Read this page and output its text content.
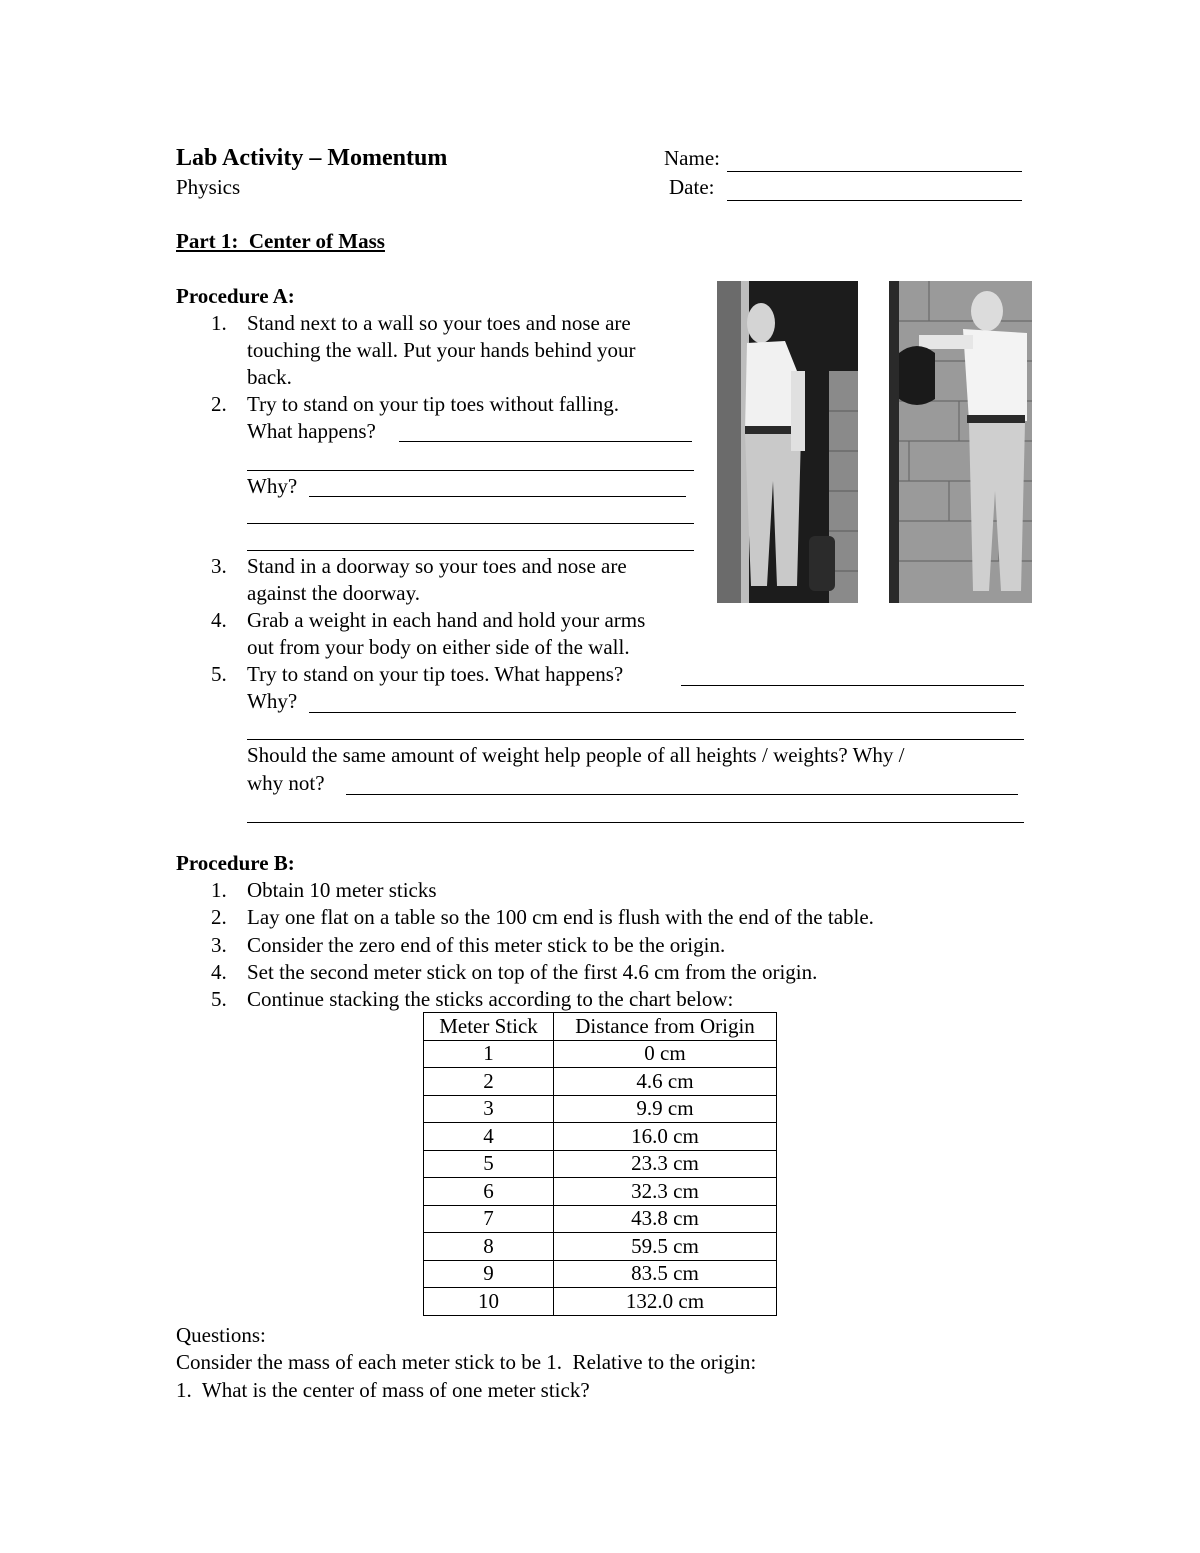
Lab Activity – Momentum
Physics
Name:
Date:
Part 1:  Center of Mass
Procedure A:
1. Stand next to a wall so your toes and nose are
touching the wall. Put your hands behind your
back.
2. Try to stand on your tip toes without falling.
What happens?
Why?
3. Stand in a doorway so your toes and nose are
against the doorway.
4. Grab a weight in each hand and hold your arms
out from your body on either side of the wall.
5. Try to stand on your tip toes. What happens?
Why?
Should the same amount of weight help people of all heights / weights? Why /
why not?
Procedure B:
1. Obtain 10 meter sticks
2. Lay one flat on a table so the 100 cm end is flush with the end of the table.
3. Consider the zero end of this meter stick to be the origin.
4. Set the second meter stick on top of the first 4.6 cm from the origin.
5. Continue stacking the sticks according to the chart below:
Meter Stick	Distance from Origin
1	0 cm
2	4.6 cm
3	9.9 cm
4	16.0 cm
5	23.3 cm
6	32.3 cm
7	43.8 cm
8	59.5 cm
9	83.5 cm
10	132.0 cm
Questions:
Consider the mass of each meter stick to be 1.  Relative to the origin:
1.  What is the center of mass of one meter stick?
